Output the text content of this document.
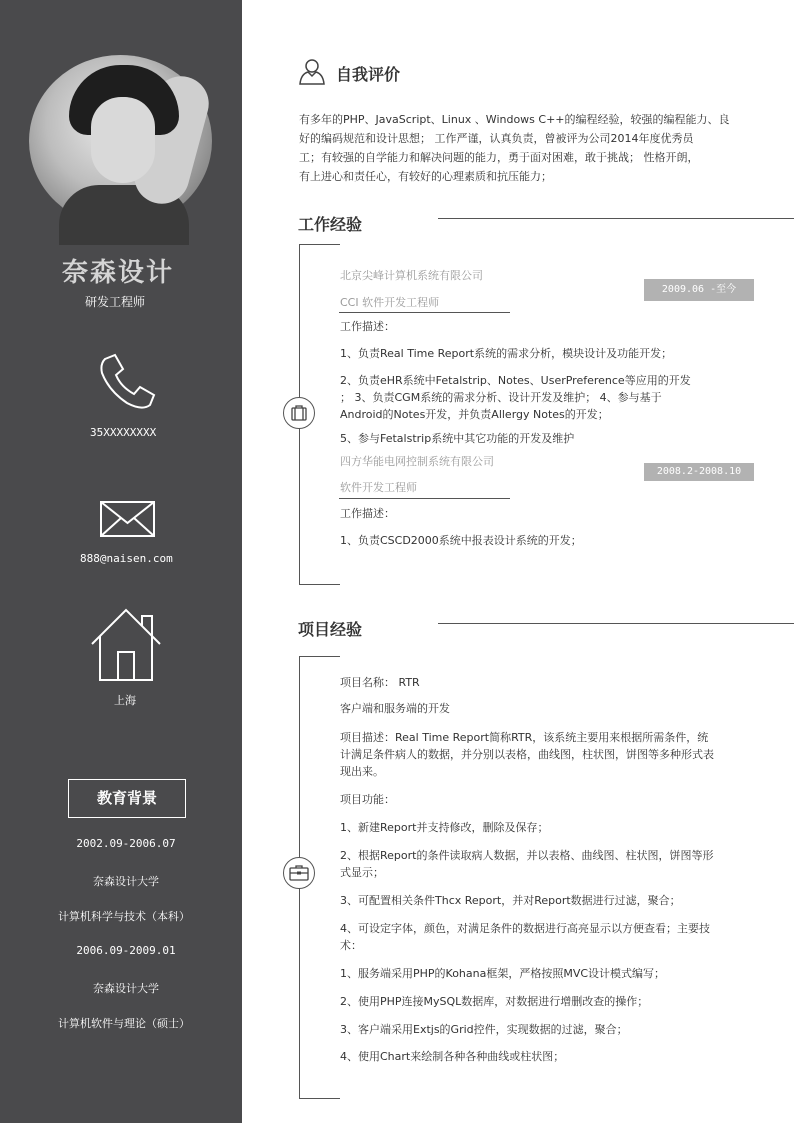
奈森设计
研发工程师
35XXXXXXXX
888@naisen.com
上海
教育背景
2002.09-2006.07
奈森设计大学
计算机科学与技术（本科）
2006.09-2009.01
奈森设计大学
计算机软件与理论（硕士）
自我评价
有多年的PHP、JavaScript、Linux 、Windows C++的编程经验，较强的编程能力、良
好的编码规范和设计思想； 工作严谨，认真负责，曾被评为公司2014年度优秀员
工；有较强的自学能力和解决问题的能力，勇于面对困难，敢于挑战； 性格开朗，
有上进心和责任心，有较好的心理素质和抗压能力；
工作经验
北京尖峰计算机系统有限公司
CCI 软件开发工程师
2009.06 -至今
工作描述：
1、负责Real Time Report系统的需求分析，模块设计及功能开发；
2、负责eHR系统中Fetalstrip、Notes、UserPreference等应用的开发
； 3、负责CGM系统的需求分析、设计开发及维护； 4、参与基于
Android的Notes开发，并负责Allergy Notes的开发；
5、参与Fetalstrip系统中其它功能的开发及维护
四方华能电网控制系统有限公司
软件开发工程师
2008.2-2008.10
工作描述：
1、负责CSCD2000系统中报表设计系统的开发；
项目经验
项目名称： RTR
客户端和服务端的开发
项目描述：Real Time Report简称RTR，该系统主要用来根据所需条件，统
计满足条件病人的数据，并分别以表格，曲线图，柱状图，饼图等多种形式表
现出来。
项目功能：
1、新建Report并支持修改，删除及保存；
2、根据Report的条件读取病人数据，并以表格、曲线图、柱状图，饼图等形
式显示；
3、可配置相关条件Thcx Report，并对Report数据进行过滤，聚合；
4、可设定字体，颜色，对满足条件的数据进行高亮显示以方便查看；主要技
术：
1、服务端采用PHP的Kohana框架，严格按照MVC设计模式编写；
2、使用PHP连接MySQL数据库，对数据进行增删改查的操作；
3、客户端采用Extjs的Grid控件，实现数据的过滤，聚合；
4、使用Chart来绘制各种各种曲线或柱状图；
